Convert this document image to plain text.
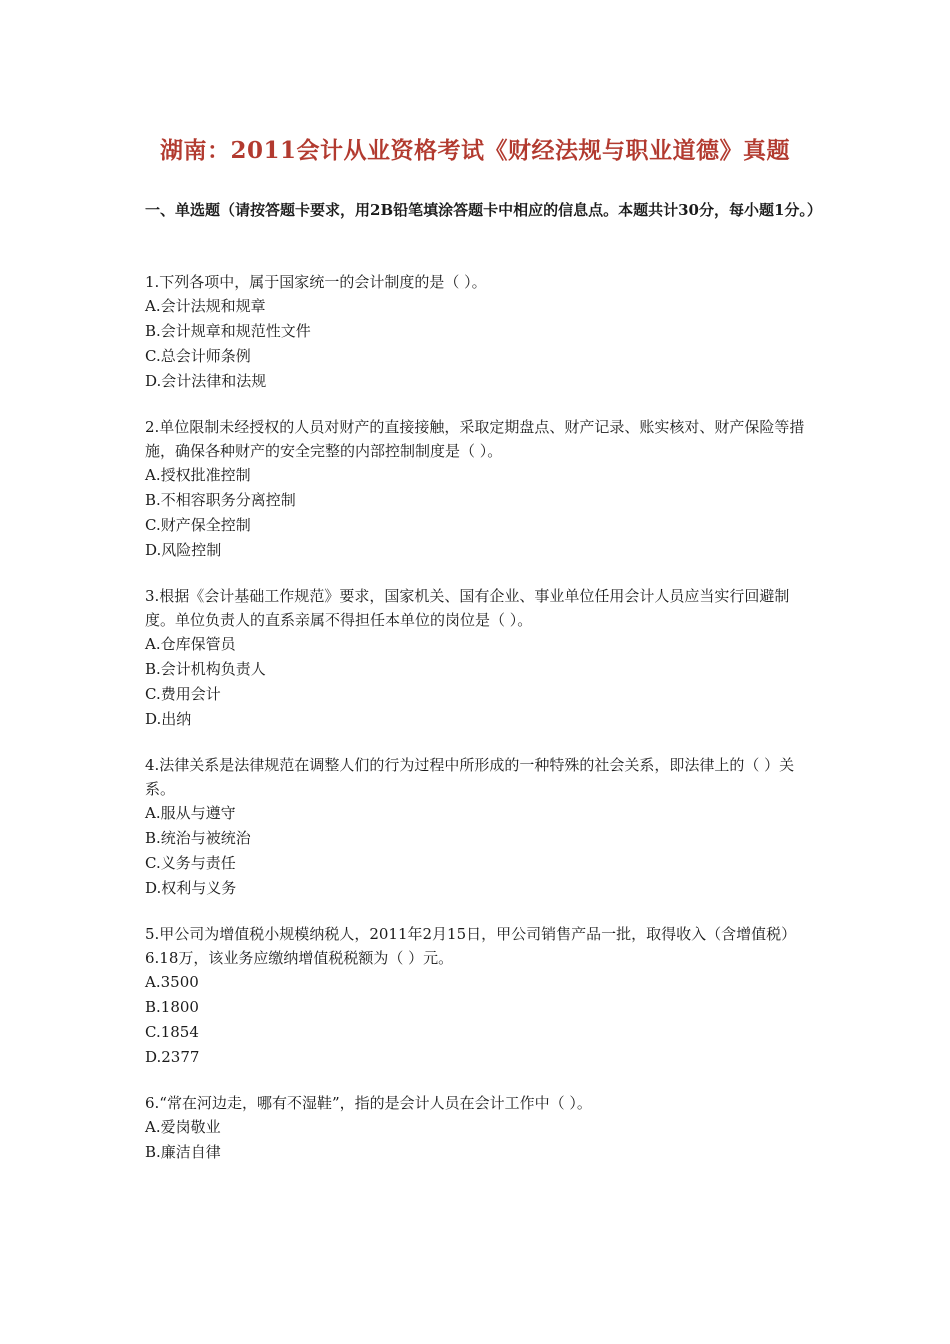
湖南：2011会计从业资格考试《财经法规与职业道德》真题
一、单选题（请按答题卡要求，用2B铅笔填涂答题卡中相应的信息点。本题共计30分，每小题1分。）

1.下列各项中，属于国家统一的会计制度的是（ ）。

A.会计法规和规章

B.会计规章和规范性文件

C.总会计师条例

D.会计法律和法规

2.单位限制未经授权的人员对财产的直接接触，采取定期盘点、财产记录、账实核对、财产保险等措施，确保各种财产的安全完整的内部控制制度是（ ）。

A.授权批准控制

B.不相容职务分离控制

C.财产保全控制

D.风险控制

3.根据《会计基础工作规范》要求，国家机关、国有企业、事业单位任用会计人员应当实行回避制度。单位负责人的直系亲属不得担任本单位的岗位是（ ）。

A.仓库保管员

B.会计机构负责人

C.费用会计

D.出纳

4.法律关系是法律规范在调整人们的行为过程中所形成的一种特殊的社会关系，即法律上的（ ）关系。

A.服从与遵守

B.统治与被统治

C.义务与责任

D.权利与义务

5.甲公司为增值税小规模纳税人，2011年2月15日，甲公司销售产品一批，取得收入（含增值税）6.18万，该业务应缴纳增值税税额为（ ）元。

A.3500

B.1800

C.1854

D.2377

6.“常在河边走，哪有不湿鞋”，指的是会计人员在会计工作中（ ）。

A.爱岗敬业

B.廉洁自律
